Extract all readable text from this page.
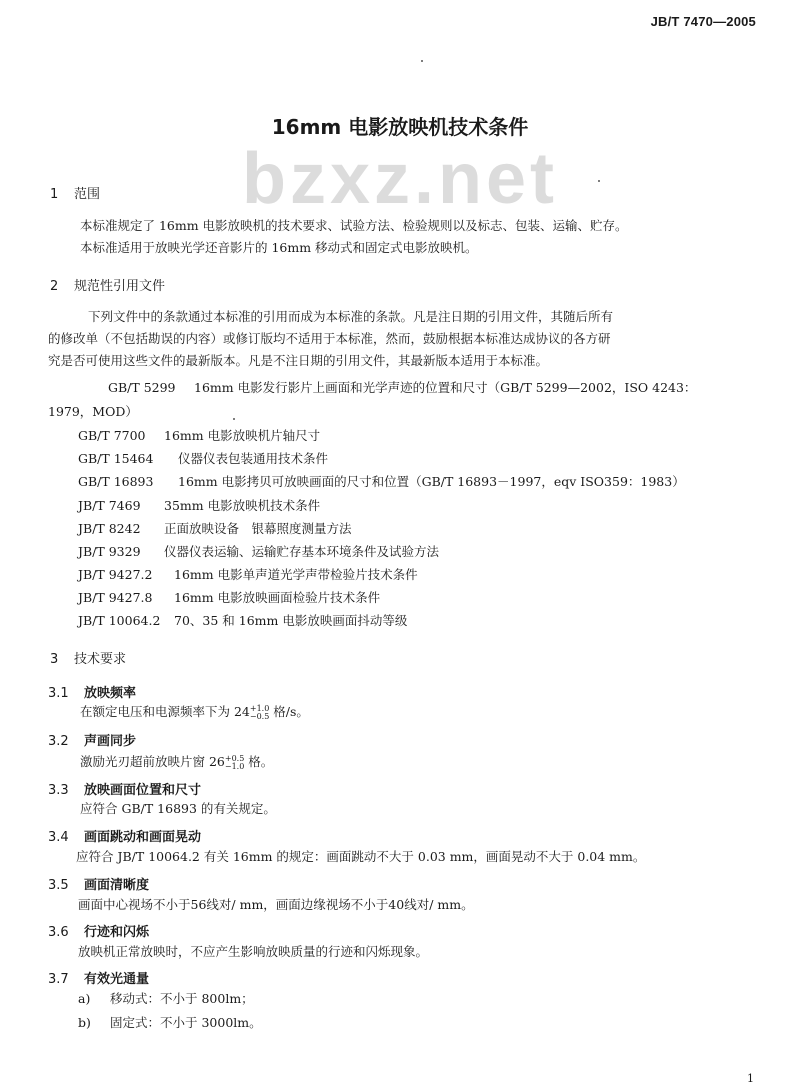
JB/T 7470—2005
bzxz.net
16mm 电影放映机技术条件
1 范围
本标准规定了 16mm 电影放映机的技术要求、试验方法、检验规则以及标志、包装、运输、贮存。
本标准适用于放映光学还音影片的 16mm 移动式和固定式电影放映机。
2 规范性引用文件
下列文件中的条款通过本标准的引用而成为本标准的条款。凡是注日期的引用文件，其随后所有
的修改单（不包括勘误的内容）或修订版均不适用于本标准，然而，鼓励根据本标准达成协议的各方研
究是否可使用这些文件的最新版本。凡是不注日期的引用文件，其最新版本适用于本标准。
GB/T 5299 16mm 电影发行影片上画面和光学声迹的位置和尺寸（GB/T 5299—2002，ISO 4243：
1979，MOD）
GB/T 7700 16mm 电影放映机片轴尺寸
GB/T 15464 仪器仪表包装通用技术条件
GB/T 16893 16mm 电影拷贝可放映画面的尺寸和位置（GB/T 16893－1997，eqv ISO359：1983）
JB/T 7469 35mm 电影放映机技术条件
JB/T 8242 正面放映设备　银幕照度测量方法
JB/T 9329 仪器仪表运输、运输贮存基本环境条件及试验方法
JB/T 9427.2 16mm 电影单声道光学声带检验片技术条件
JB/T 9427.8 16mm 电影放映画面检验片技术条件
JB/T 10064.2 70、35 和 16mm 电影放映画面抖动等级
3 技术要求
3.1 放映频率
在额定电压和电源频率下为 24 +1.0
−0.5 格/s。
3.2 声画同步
激励光刃超前放映片窗 26 +0.5
−1.0 格。
3.3 放映画面位置和尺寸
应符合 GB/T 16893 的有关规定。
3.4 画面跳动和画面晃动
应符合 JB/T 10064.2 有关 16mm 的规定：画面跳动不大于 0.03 mm，画面晃动不大于 0.04 mm。
3.5 画面清晰度
画面中心视场不小于56线对/ mm，画面边缘视场不小于40线对/ mm。
3.6 行迹和闪烁
放映机正常放映时，不应产生影响放映质量的行迹和闪烁现象。
3.7 有效光通量
a) 移动式：不小于 800lm；
b) 固定式：不小于 3000lm。
1
